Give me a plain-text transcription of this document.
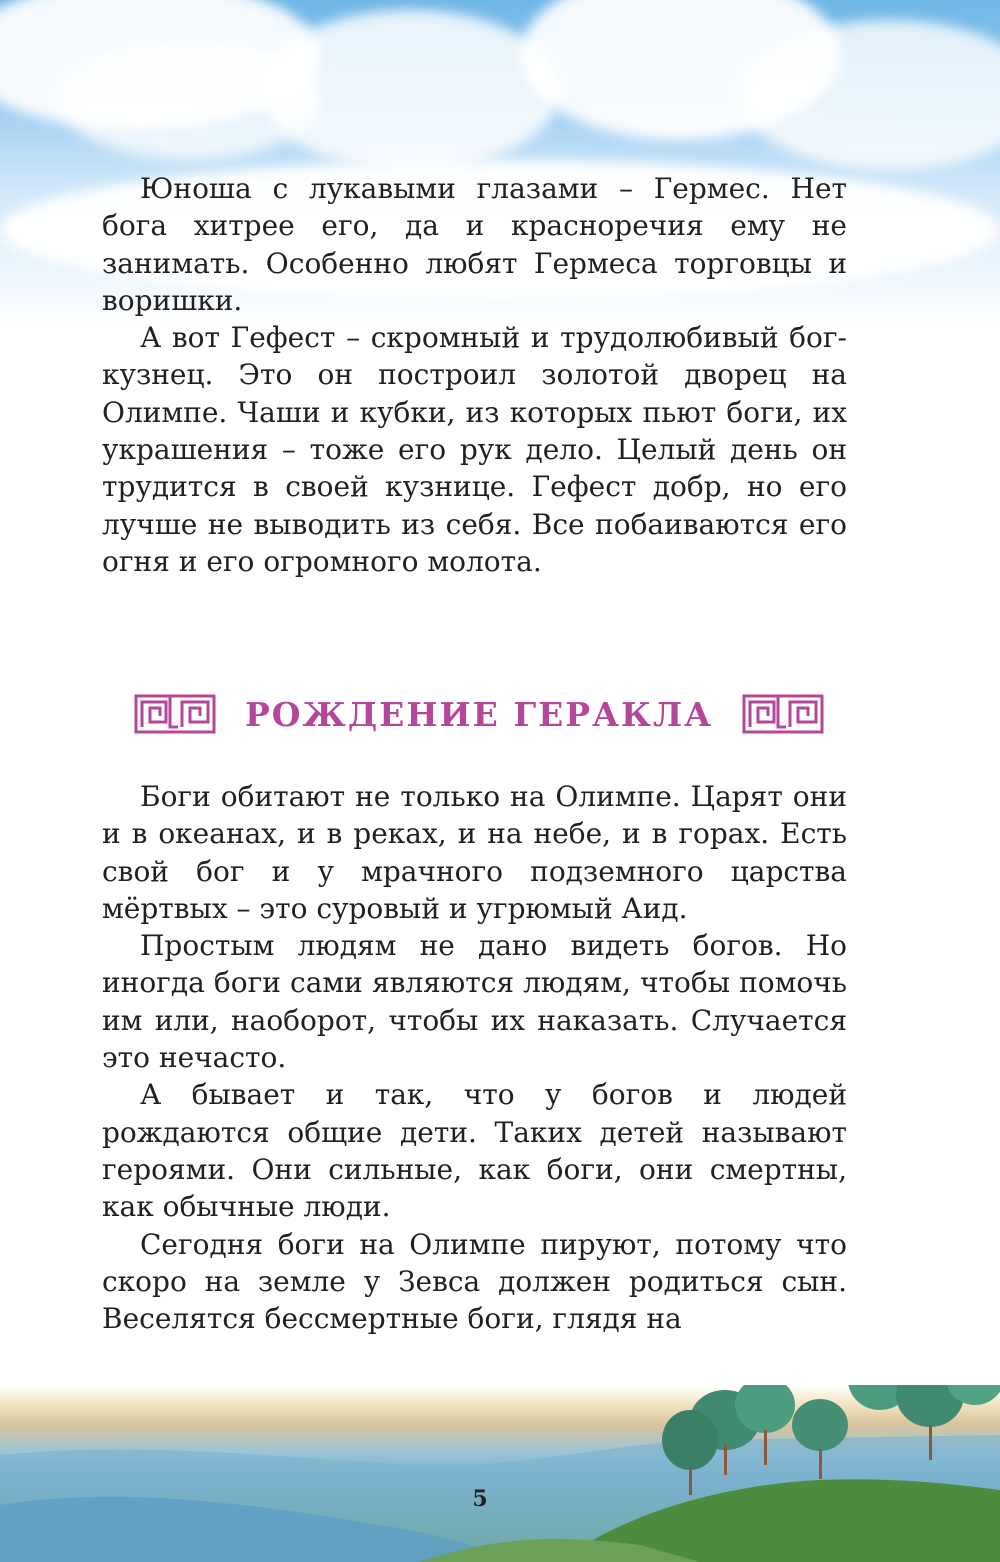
Юноша с лукавыми глазами – Гермес. Нет бога хитрее его, да и красноречия ему не занимать. Особенно любят Гермеса торговцы и воришки.

А вот Гефест – скромный и трудолюбивый бог-кузнец. Это он построил золотой дворец на Олимпе. Чаши и кубки, из которых пьют боги, их украшения – тоже его рук дело. Целый день он трудится в своей кузнице. Гефест добр, но его лучше не выводить из себя. Все побаиваются его огня и его огромного молота.

РОЖДЕНИЕ ГЕРАКЛА

Боги обитают не только на Олимпе. Царят они и в океанах, и в реках, и на небе, и в горах. Есть свой бог и у мрачного подземного царства мёртвых – это суровый и угрюмый Аид.

Простым людям не дано видеть богов. Но иногда боги сами являются людям, чтобы помочь им или, наоборот, чтобы их наказать. Случается это нечасто.

А бывает и так, что у богов и людей рождаются общие дети. Таких детей называют героями. Они сильные, как боги, они смертны, как обычные люди.

Сегодня боги на Олимпе пируют, потому что скоро на земле у Зевса должен родиться сын. Веселятся бессмертные боги, глядя на

5
